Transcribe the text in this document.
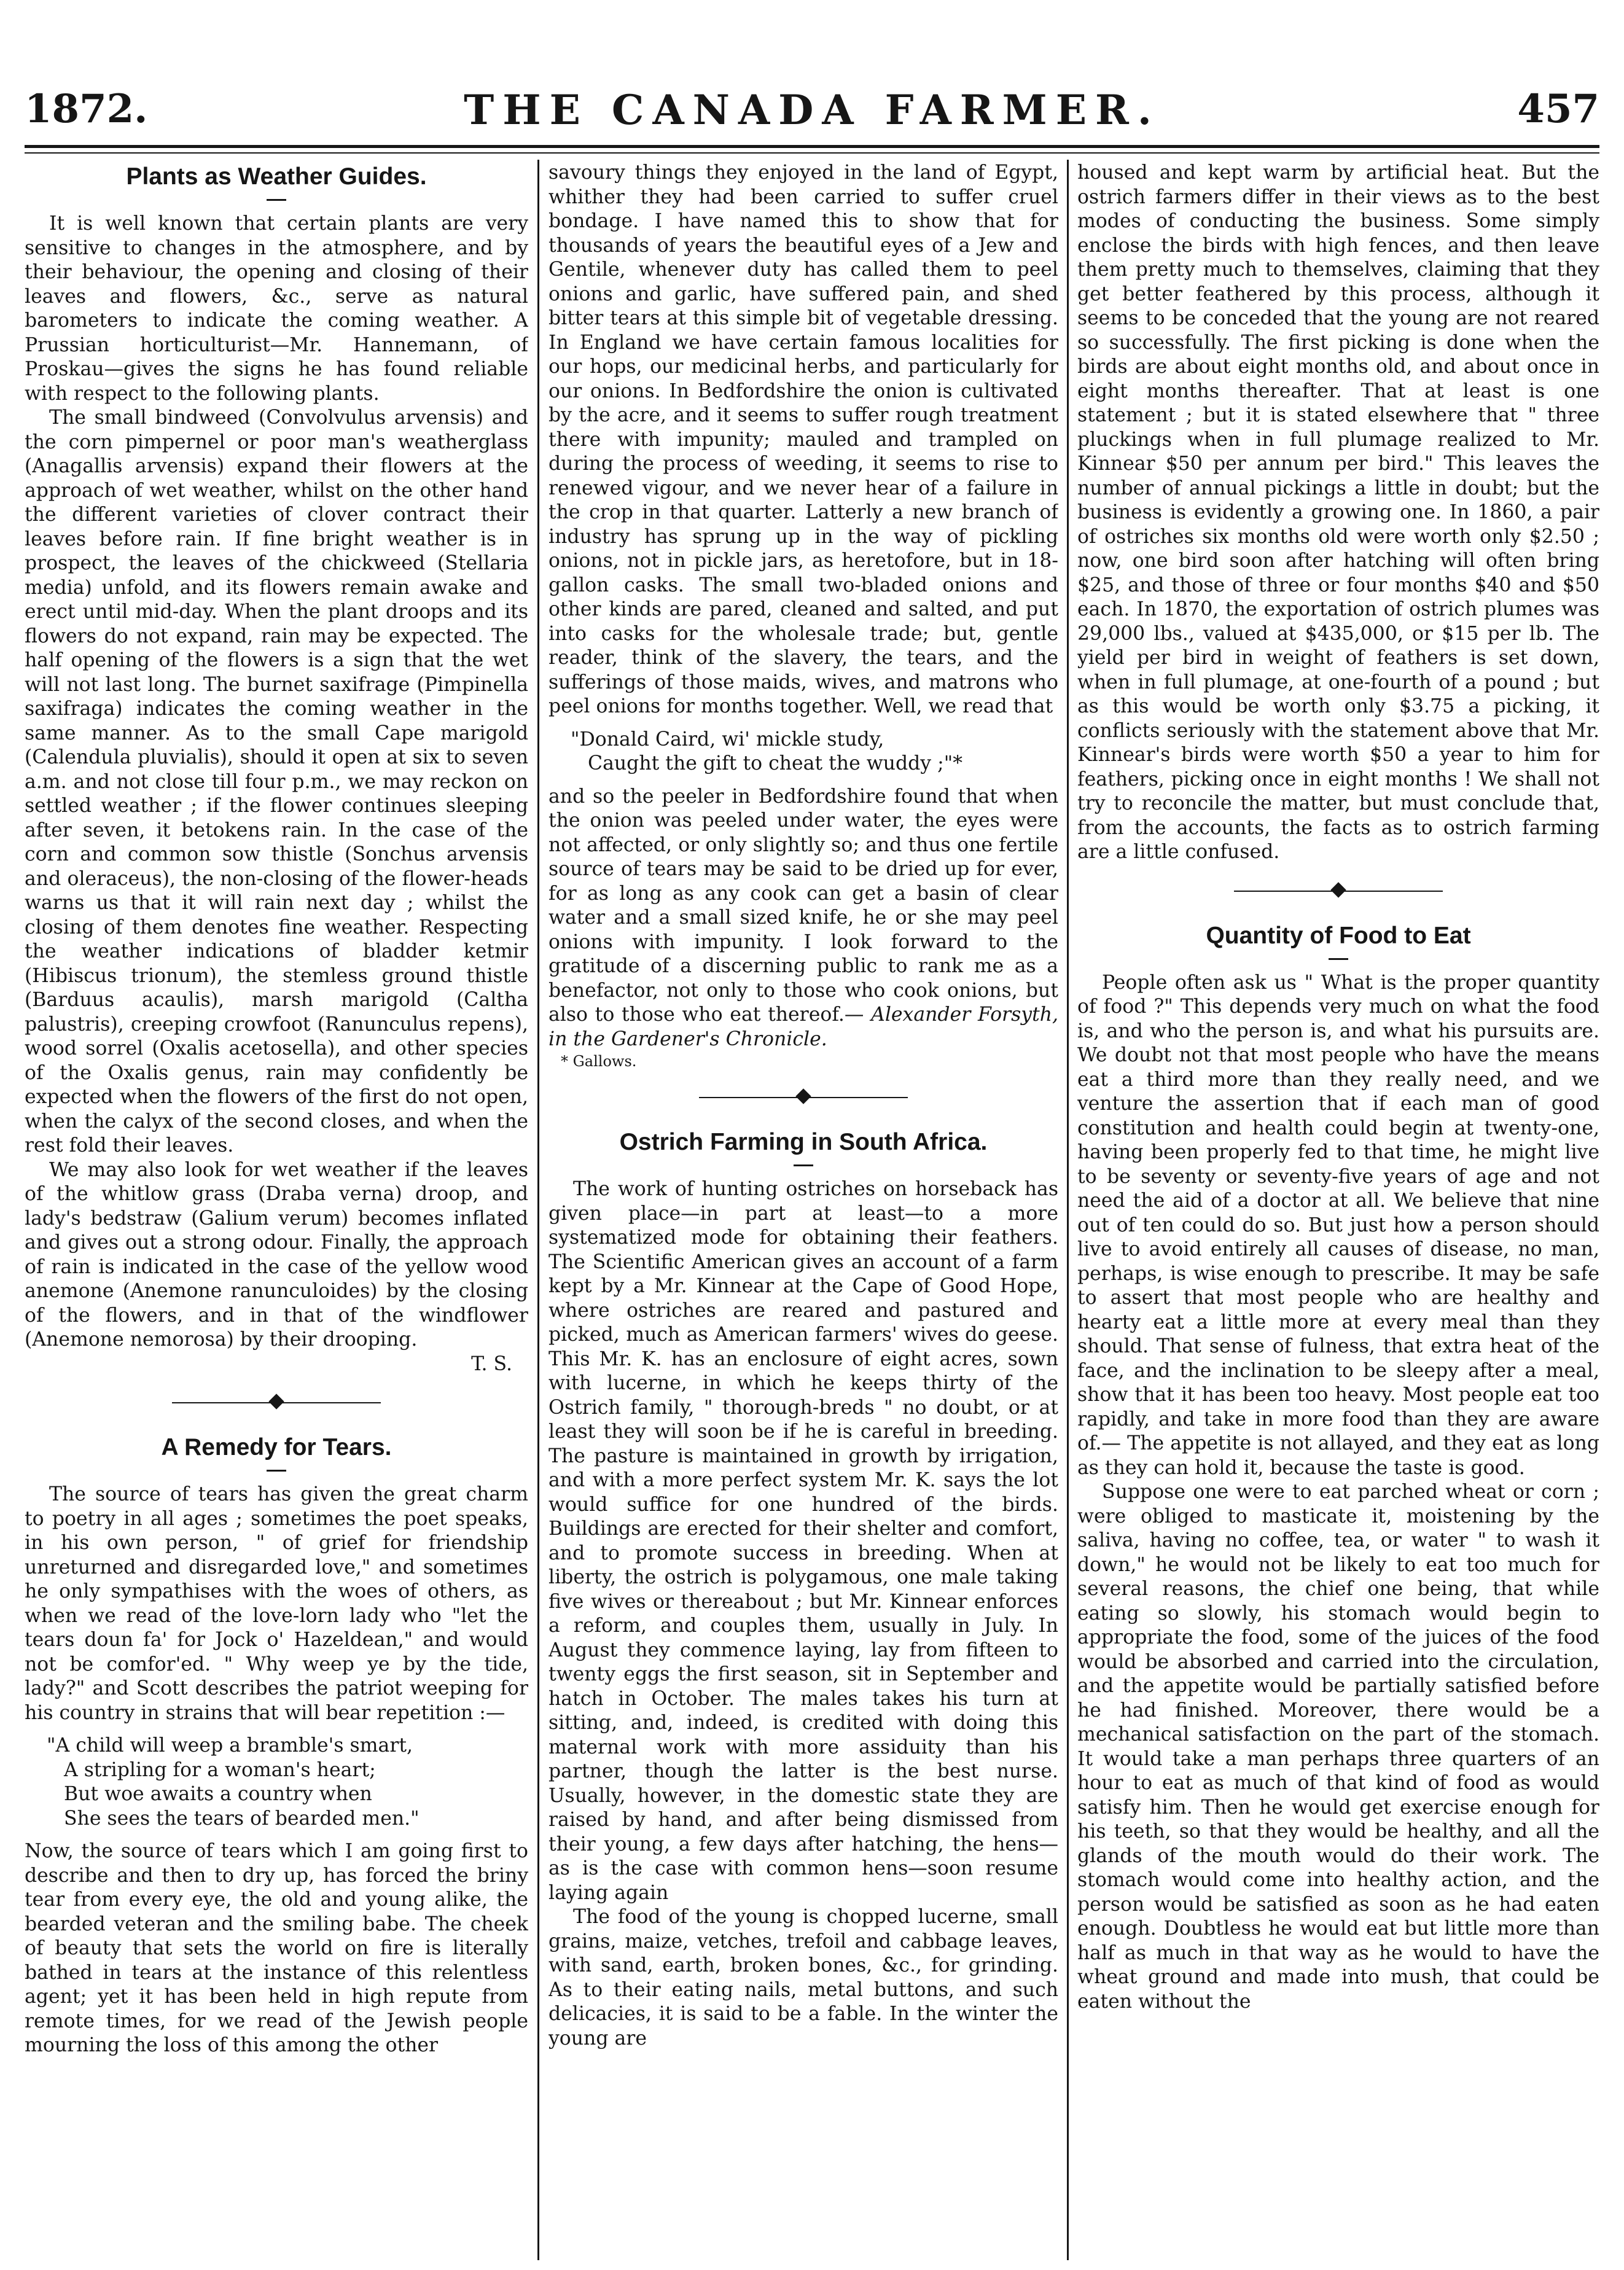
1872.	THE CANADA FARMER.	457
Plants as Weather Guides.

It is well known that certain plants are very sensitive to changes in the atmosphere, and by their behaviour, the opening and closing of their leaves and flowers, &c., serve as natural barometers to indicate the coming weather. A Prussian horticulturist—Mr. Hannemann, of Proskau—gives the signs he has found reliable with respect to the following plants.

The small bindweed (Convolvulus arvensis) and the corn pimpernel or poor man's weatherglass (Anagallis arvensis) expand their flowers at the approach of wet weather, whilst on the other hand the different varieties of clover contract their leaves before rain. If fine bright weather is in prospect, the leaves of the chickweed (Stellaria media) unfold, and its flowers remain awake and erect until mid-day. When the plant droops and its flowers do not expand, rain may be expected. The half opening of the flowers is a sign that the wet will not last long. The burnet saxifrage (Pimpinella saxifraga) indicates the coming weather in the same manner. As to the small Cape marigold (Calendula pluvialis), should it open at six to seven a.m. and not close till four p.m., we may reckon on settled weather ; if the flower continues sleeping after seven, it betokens rain. In the case of the corn and common sow thistle (Sonchus arvensis and oleraceus), the non-closing of the flower-heads warns us that it will rain next day ; whilst the closing of them denotes fine weather. Respecting the weather indications of bladder ketmir (Hibiscus trionum), the stemless ground thistle (Barduus acaulis), marsh marigold (Caltha palustris), creeping crowfoot (Ranunculus repens), wood sorrel (Oxalis acetosella), and other species of the Oxalis genus, rain may confidently be expected when the flowers of the first do not open, when the calyx of the second closes, and when the rest fold their leaves.

We may also look for wet weather if the leaves of the whitlow grass (Draba verna) droop, and lady's bedstraw (Galium verum) becomes inflated and gives out a strong odour. Finally, the approach of rain is indicated in the case of the yellow wood anemone (Anemone ranunculoides) by the closing of the flowers, and in that of the windflower (Anemone nemorosa) by their drooping.

T. S.
A Remedy for Tears.

The source of tears has given the great charm to poetry in all ages ; sometimes the poet speaks, in his own person, " of grief for friendship unreturned and disregarded love," and sometimes he only sympathises with the woes of others, as when we read of the love-lorn lady who "let the tears doun fa' for Jock o' Hazeldean," and would not be comfor'ed. " Why weep ye by the tide, lady?" and Scott describes the patriot weeping for his country in strains that will bear repetition :—

"A child will weep a bramble's smart,
A stripling for a woman's heart;
But woe awaits a country when
She sees the tears of bearded men."

Now, the source of tears which I am going first to describe and then to dry up, has forced the briny tear from every eye, the old and young alike, the bearded veteran and the smiling babe. The cheek of beauty that sets the world on fire is literally bathed in tears at the instance of this relentless agent; yet it has been held in high repute from remote times, for we read of the Jewish people mourning the loss of this among the other

savoury things they enjoyed in the land of Egypt, whither they had been carried to suffer cruel bondage. I have named this to show that for thousands of years the beautiful eyes of a Jew and Gentile, whenever duty has called them to peel onions and garlic, have suffered pain, and shed bitter tears at this simple bit of vegetable dressing. In England we have certain famous localities for our hops, our medicinal herbs, and particularly for our onions. In Bedfordshire the onion is cultivated by the acre, and it seems to suffer rough treatment there with impunity; mauled and trampled on during the process of weeding, it seems to rise to renewed vigour, and we never hear of a failure in the crop in that quarter. Latterly a new branch of industry has sprung up in the way of pickling onions, not in pickle jars, as heretofore, but in 18-gallon casks. The small two-bladed onions and other kinds are pared, cleaned and salted, and put into casks for the wholesale trade; but, gentle reader, think of the slavery, the tears, and the sufferings of those maids, wives, and matrons who peel onions for months together. Well, we read that

"Donald Caird, wi' mickle study,
Caught the gift to cheat the wuddy ;"*

and so the peeler in Bedfordshire found that when the onion was peeled under water, the eyes were not affected, or only slightly so; and thus one fertile source of tears may be said to be dried up for ever, for as long as any cook can get a basin of clear water and a small sized knife, he or she may peel onions with impunity. I look forward to the gratitude of a discerning public to rank me as a benefactor, not only to those who cook onions, but also to those who eat thereof.— Alexander Forsyth, in the Gardener's Chronicle.

* Gallows.
Ostrich Farming in South Africa.

The work of hunting ostriches on horseback has given place—in part at least—to a more systematized mode for obtaining their feathers. The Scientific American gives an account of a farm kept by a Mr. Kinnear at the Cape of Good Hope, where ostriches are reared and pastured and picked, much as American farmers' wives do geese. This Mr. K. has an enclosure of eight acres, sown with lucerne, in which he keeps thirty of the Ostrich family, " thorough-breds " no doubt, or at least they will soon be if he is careful in breeding. The pasture is maintained in growth by irrigation, and with a more perfect system Mr. K. says the lot would suffice for one hundred of the birds. Buildings are erected for their shelter and comfort, and to promote success in breeding. When at liberty, the ostrich is polygamous, one male taking five wives or thereabout ; but Mr. Kinnear enforces a reform, and couples them, usually in July. In August they commence laying, lay from fifteen to twenty eggs the first season, sit in September and hatch in October. The males takes his turn at sitting, and, indeed, is credited with doing this maternal work with more assiduity than his partner, though the latter is the best nurse. Usually, however, in the domestic state they are raised by hand, and after being dismissed from their young, a few days after hatching, the hens—as is the case with common hens—soon resume laying again

The food of the young is chopped lucerne, small grains, maize, vetches, trefoil and cabbage leaves, with sand, earth, broken bones, &c., for grinding. As to their eating nails, metal buttons, and such delicacies, it is said to be a fable. In the winter the young are

housed and kept warm by artificial heat. But the ostrich farmers differ in their views as to the best modes of conducting the business. Some simply enclose the birds with high fences, and then leave them pretty much to themselves, claiming that they get better feathered by this process, although it seems to be conceded that the young are not reared so successfully. The first picking is done when the birds are about eight months old, and about once in eight months thereafter. That at least is one statement ; but it is stated elsewhere that " three pluckings when in full plumage realized to Mr. Kinnear $50 per annum per bird." This leaves the number of annual pickings a little in doubt; but the business is evidently a growing one. In 1860, a pair of ostriches six months old were worth only $2.50 ; now, one bird soon after hatching will often bring $25, and those of three or four months $40 and $50 each. In 1870, the exportation of ostrich plumes was 29,000 lbs., valued at $435,000, or $15 per lb. The yield per bird in weight of feathers is set down, when in full plumage, at one-fourth of a pound ; but as this would be worth only $3.75 a picking, it conflicts seriously with the statement above that Mr. Kinnear's birds were worth $50 a year to him for feathers, picking once in eight months ! We shall not try to reconcile the matter, but must conclude that, from the accounts, the facts as to ostrich farming are a little confused.

Quantity of Food to Eat

People often ask us " What is the proper quantity of food ?" This depends very much on what the food is, and who the person is, and what his pursuits are. We doubt not that most people who have the means eat a third more than they really need, and we venture the assertion that if each man of good constitution and health could begin at twenty-one, having been properly fed to that time, he might live to be seventy or seventy-five years of age and not need the aid of a doctor at all. We believe that nine out of ten could do so. But just how a person should live to avoid entirely all causes of disease, no man, perhaps, is wise enough to prescribe. It may be safe to assert that most people who are healthy and hearty eat a little more at every meal than they should. That sense of fulness, that extra heat of the face, and the inclination to be sleepy after a meal, show that it has been too heavy. Most people eat too rapidly, and take in more food than they are aware of.— The appetite is not allayed, and they eat as long as they can hold it, because the taste is good.

Suppose one were to eat parched wheat or corn ; were obliged to masticate it, moistening by the saliva, having no coffee, tea, or water " to wash it down," he would not be likely to eat too much for several reasons, the chief one being, that while eating so slowly, his stomach would begin to appropriate the food, some of the juices of the food would be absorbed and carried into the circulation, and the appetite would be partially satisfied before he had finished. Moreover, there would be a mechanical satisfaction on the part of the stomach. It would take a man perhaps three quarters of an hour to eat as much of that kind of food as would satisfy him. Then he would get exercise enough for his teeth, so that they would be healthy, and all the glands of the mouth would do their work. The stomach would come into healthy action, and the person would be satisfied as soon as he had eaten enough. Doubtless he would eat but little more than half as much in that way as he would to have the wheat ground and made into mush, that could be eaten without the
